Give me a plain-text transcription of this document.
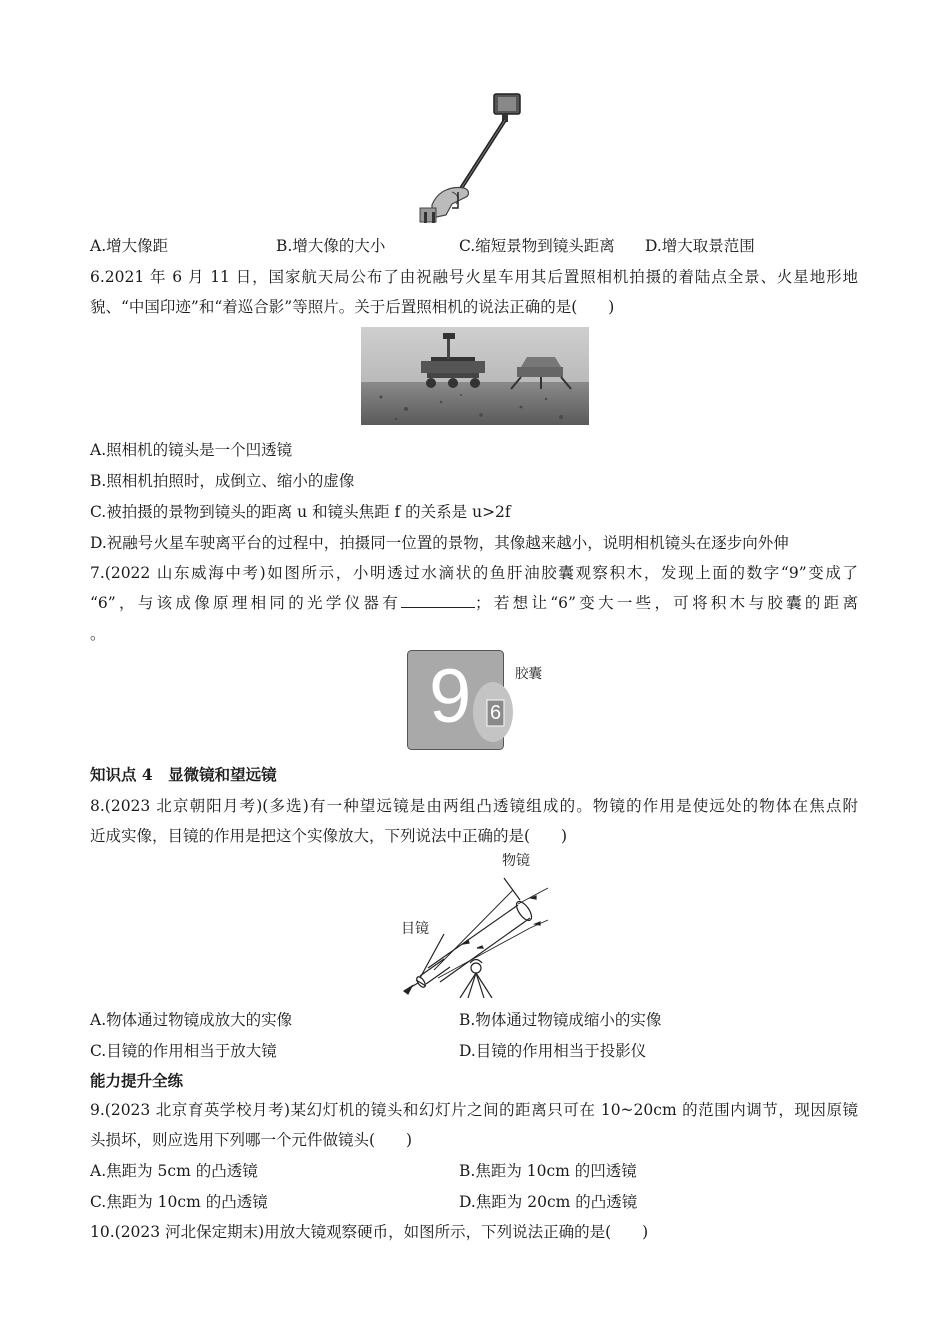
A.增大像距	B.增大像的大小	C.缩短景物到镜头距离 D.增大取景范围
6.2021 年 6 月 11 日，国家航天局公布了由祝融号火星车用其后置照相机拍摄的着陆点全景、火星地形地
貌、“中国印迹”和“着巡合影”等照片。关于后置照相机的说法正确的是(　　)
A.照相机的镜头是一个凹透镜
B.照相机拍照时，成倒立、缩小的虚像
C.被拍摄的景物到镜头的距离 u 和镜头焦距 f 的关系是 u>2f
D.祝融号火星车驶离平台的过程中，拍摄同一位置的景物，其像越来越小，说明相机镜头在逐步向外伸
7.(2022 山东威海中考)如图所示，小明透过水滴状的鱼肝油胶囊观察积木，发现上面的数字“9”变成了
“6”，与该成像原理相同的光学仪器有	；若想让“6”变大一些，可将积木与胶囊的距离
。
9 6
胶囊
知识点 4　显微镜和望远镜
8.(2023 北京朝阳月考)(多选)有一种望远镜是由两组凸透镜组成的。物镜的作用是使远处的物体在焦点附
近成实像，目镜的作用是把这个实像放大，下列说法中正确的是(　　)
物镜
目镜
A.物体通过物镜成放大的实像	B.物体通过物镜成缩小的实像
C.目镜的作用相当于放大镜	D.目镜的作用相当于投影仪
能力提升全练
9.(2023 北京育英学校月考)某幻灯机的镜头和幻灯片之间的距离只可在 10~20cm 的范围内调节，现因原镜
头损坏，则应选用下列哪一个元件做镜头(　　)
A.焦距为 5cm 的凸透镜	B.焦距为 10cm 的凹透镜
C.焦距为 10cm 的凸透镜	D.焦距为 20cm 的凸透镜
10.(2023 河北保定期末)用放大镜观察硬币，如图所示，下列说法正确的是(　　)
